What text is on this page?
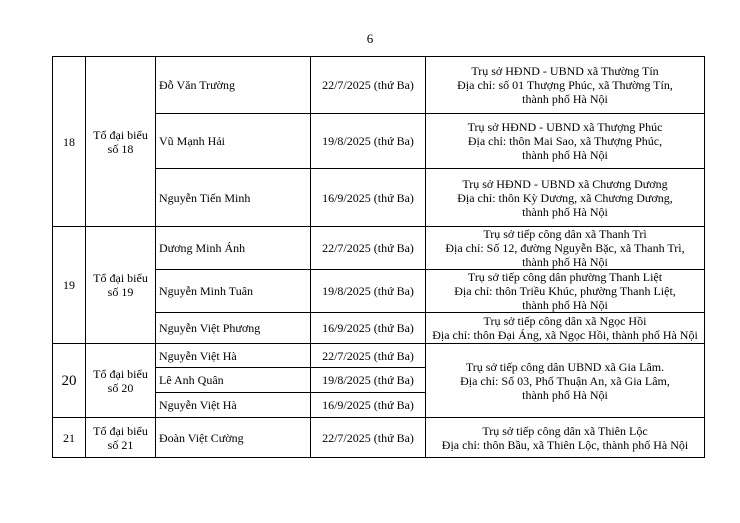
6
18	Tổ đại biểu
số 18	Đỗ Văn Trường	22/7/2025 (thứ Ba)	Trụ sở HĐND - UBND xã Thường Tín
Địa chỉ: số 01 Thượng Phúc, xã Thường Tín,
thành phố Hà Nội

		Vũ Mạnh Hải	19/8/2025 (thứ Ba)	Trụ sở HĐND - UBND xã Thượng Phúc
Địa chỉ: thôn Mai Sao, xã Thượng Phúc,
thành phố Hà Nội

		Nguyễn Tiến Minh	16/9/2025 (thứ Ba)	Trụ sở HĐND - UBND xã Chương Dương
Địa chỉ: thôn Kỳ Dương, xã Chương Dương,
thành phố Hà Nội

19	Tổ đại biểu
số 19	Dương Minh Ánh	22/7/2025 (thứ Ba)	Trụ sở tiếp công dân xã Thanh Trì
Địa chỉ: Số 12, đường Nguyễn Bặc, xã Thanh Trì,
thành phố Hà Nội

		Nguyễn Minh Tuân	19/8/2025 (thứ Ba)	Trụ sở tiếp công dân phường Thanh Liệt
Địa chỉ: thôn Triều Khúc, phường Thanh Liệt,
thành phố Hà Nội

		Nguyễn Việt Phương	16/9/2025 (thứ Ba)	Trụ sở tiếp công dân xã Ngọc Hồi
Địa chỉ: thôn Đại Áng, xã Ngọc Hồi, thành phố Hà Nội

20	Tổ đại biểu
số 20	Nguyễn Việt Hà	22/7/2025 (thứ Ba)	Trụ sở tiếp công dân UBND xã Gia Lâm.
Địa chỉ: Số 03, Phố Thuận An, xã Gia Lâm,
thành phố Hà Nội

		Lê Anh Quân	19/8/2025 (thứ Ba)	
		Nguyễn Việt Hà	16/9/2025 (thứ Ba)	
21	Tổ đại biểu
số 21	Đoàn Việt Cường	22/7/2025 (thứ Ba)	Trụ sở tiếp công dân xã Thiên Lộc
Địa chỉ: thôn Bầu, xã Thiên Lộc, thành phố Hà Nội
